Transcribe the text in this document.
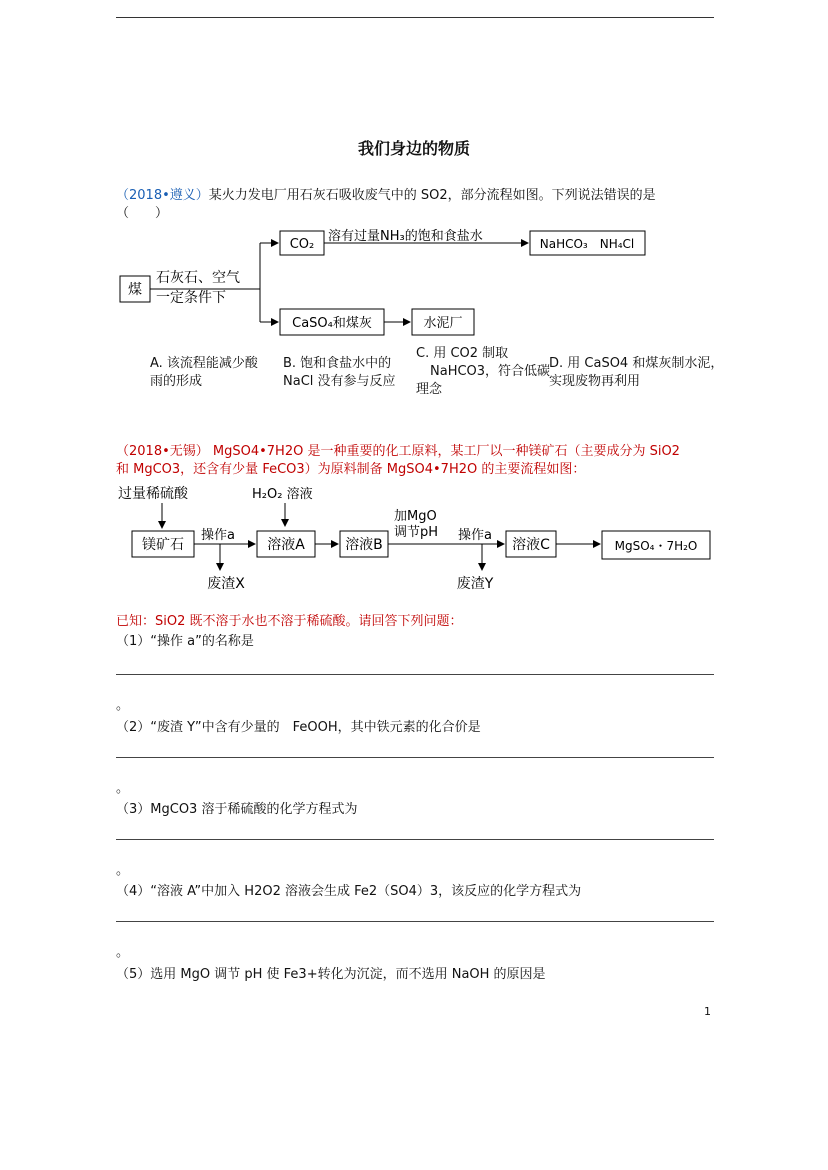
我们身边的物质
（2018•遵义）某火力发电厂用石灰石吸收废气中的 SO2，部分流程如图。下列说法错误的是
（　　）
煤
石灰石、空气
一定条件下
CO₂
溶有过量NH₃的饱和食盐水	NaHCO₃　NH₄Cl
CaSO₄和煤灰	水泥厂
A. 该流程能减少酸
雨的形成
B. 饱和食盐水中的
NaCl 没有参与反应
C. 用 CO2 制取
NaHCO3，符合低碳
理念
D. 用 CaSO4 和煤灰制水泥，
实现废物再利用
（2018•无锡） MgSO4•7H2O 是一种重要的化工原料，某工厂以一种镁矿石（主要成分为 SiO2
和 MgCO3，还含有少量 FeCO3）为原料制备 MgSO4•7H2O 的主要流程如图：
过量稀硫酸	H₂O₂ 溶液
加MgO
调节pH
镁矿石
操作a
废渣X
溶液A	溶液B
操作a
废渣Y
溶液C	MgSO₄・7H₂O
已知：SiO2 既不溶于水也不溶于稀硫酸。请回答下列问题：
（1）“操作 a”的名称是
。
（2）“废渣 Y”中含有少量的　FeOOH，其中铁元素的化合价是
。
（3）MgCO3 溶于稀硫酸的化学方程式为
。
（4）“溶液 A”中加入 H2O2 溶液会生成 Fe2（SO4）3，该反应的化学方程式为
。
（5）选用 MgO 调节 pH 使 Fe3+转化为沉淀，而不选用 NaOH 的原因是
1
